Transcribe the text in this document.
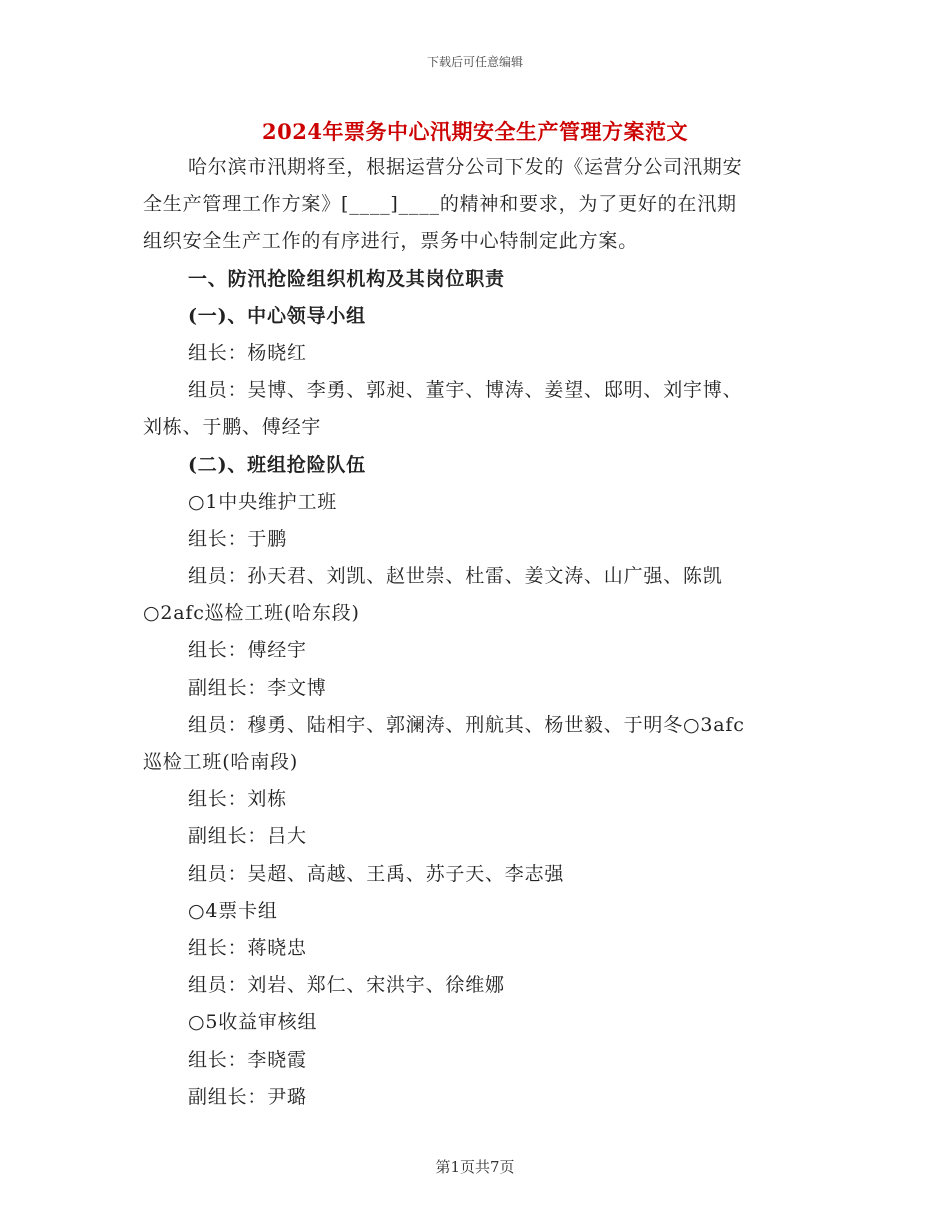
下载后可任意编辑
2024年票务中心汛期安全生产管理方案范文
哈尔滨市汛期将至，根据运营分公司下发的《运营分公司汛期安
全生产管理工作方案》[____]____的精神和要求，为了更好的在汛期
组织安全生产工作的有序进行，票务中心特制定此方案。
一、防汛抢险组织机构及其岗位职责
(一)、中心领导小组
组长：杨晓红
组员：吴博、李勇、郭昶、董宇、博涛、姜望、邸明、刘宇博、
刘栋、于鹏、傅经宇
(二)、班组抢险队伍
○1中央维护工班
组长：于鹏
组员：孙天君、刘凯、赵世崇、杜雷、姜文涛、山广强、陈凯
○2afc巡检工班(哈东段)
组长：傅经宇
副组长：李文博
组员：穆勇、陆相宇、郭澜涛、刑航其、杨世毅、于明冬○3afc
巡检工班(哈南段)
组长：刘栋
副组长：吕大
组员：吴超、高越、王禹、苏子天、李志强
○4票卡组
组长：蒋晓忠
组员：刘岩、郑仁、宋洪宇、徐维娜
○5收益审核组
组长：李晓霞
副组长：尹璐
第1页共7页
